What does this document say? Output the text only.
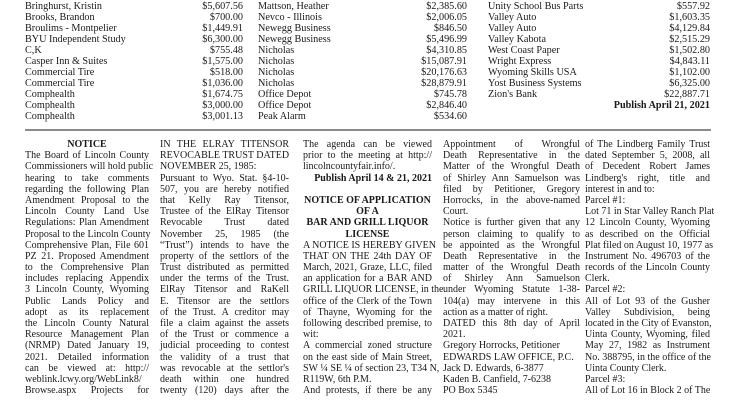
Bringhurst, Kristin	$5,607.56
Brooks, Brandon	$700.00
Broulims - Montpelier	$1,449.91
BYU Independent Study	$6,300.00
C,K	$755.48
Casper Inn & Suites	$1,575.00
Commercial Tire	$518.00
Commercial Tire	$1,036.00
Comphealth	$1,674.75
Comphealth	$3,000.00
Comphealth	$3,001.13
Mattson, Heather	$2,385.60
Nevco - Illinois	$2,006.05
Newegg Business	$846.50
Newegg Business	$5,496.99
Nicholas	$4,310.85
Nicholas	$15,087.91
Nicholas	$20,176.63
Nicholas	$28,879.91
Office Depot	$745.78
Office Depot	$2,846.40
Peak Alarm	$534.60
Unity School Bus Parts	$557.92
Valley Auto	$1,603.35
Valley Auto	$4,129.84
Valley Kabota	$2,515.29
West Coast Paper	$1,502.80
Wright Express	$4,843.11
Wyoming Skills USA	$1,102.00
Yost Business Systems	$6,325.00
Zion's Bank	$22,887.71
Publish April 21, 2021
NOTICE
The Board of Lincoln County
Commissioners will hold public
hearing to take comments
regarding the following Plan
Amendment Proposal to the
Lincoln County Land Use
Regulations: Plan Amendment
Proposal to the Lincoln County
Comprehensive Plan, File 601
PZ 21. Proposed Amendment
to the Comprehensive Plan
includes replacing Appendix
3 Lincoln County, Wyoming
Public Lands Policy and
adopt as its replacement
the Lincoln County Natural
Resource Management Plan
(NRMP) Dated January 19,
2021. Detailed information
can be viewed at: http://
weblink.lcwy.org/WebLink8/
Browse.aspx Projects for
IN THE ELRAY TITENSOR
REVOCABLE TRUST DATED
NOVEMBER 25, 1985:
Pursuant to Wyo. Stat. §4-10-
507, you are hereby notified
that Kelly Ray Titensor,
Trustee of the ElRay Titensor
Revocable Trust dated
November 25, 1985 (the
“Trust”) intends to have the
property of the settlors of the
Trust distributed as permitted
under the terms of the Trust.
ElRay Titensor and RaKell
E. Titensor are the settlors
of the Trust. A creditor may
file a claim against the assets
of the Trust or commence a
judicial proceeding to contest
the validity of a trust that
was revocable at the settlor's
death within one hundred
twenty (120) days after the
The agenda can be viewed
prior to the meeting at http://
lincolncountyfair.info/.
Publish April 14 & 21, 2021
NOTICE OF APPLICATION
OF A
BAR AND GRILL LIQUOR
LICENSE
A NOTICE IS HEREBY GIVEN
THAT ON THE 24th DAY OF
March, 2021, Graze, LLC, filed
an application for a BAR AND
GRILL LIQUOR LICENSE, in the
office of the Clerk of the Town
of Thayne, Wyoming for the
following described premise, to
wit:
A commercial zoned structure
on the east side of Main Street,
SW ¼ SE ¼ of section 23, T34 N,
R119W, 6th P.M.
And protests, if there be any
Appointment of Wrongful
Death Representative in the
Matter of the Wrongful Death
of Shirley Ann Samuelson was
filed by Petitioner, Gregory
Horrocks, in the above-named
Court.
Notice is further given that any
person claiming to qualify to
be appointed as the Wrongful
Death Representative in the
matter of the Wrongful Death
of Shirley Ann Samuelson
under Wyoming Statute 1-38-
104(a) may intervene in this
action as a matter of right.
DATED this 8th day of April
2021.
Gregory Horrocks, Petitioner
EDWARDS LAW OFFICE, P.C.
Jack D. Edwards, 6-3877
Kaden B. Canfield, 7-6238
PO Box 5345
of The Lindberg Family Trust
dated September 5, 2008, all
of Decedent Robert James
Lindberg's right, title and
interest in and to:
Parcel #1:
Lot 71 in Star Valley Ranch Plat
12 Lincoln County, Wyoming
as described on the Official
Plat filed on August 10, 1977 as
Instrument No. 496703 of the
records of the Lincoln County
Clerk.
Parcel #2:
All of Lot 93 of the Gusher
Valley Subdivision, being
located in the City of Evanston,
Uinta County, Wyoming, filed
May 27, 1982 as Instrument
No. 388795, in the office of the
Uinta County Clerk.
Parcel #3:
All of Lot 16 in Block 2 of The
